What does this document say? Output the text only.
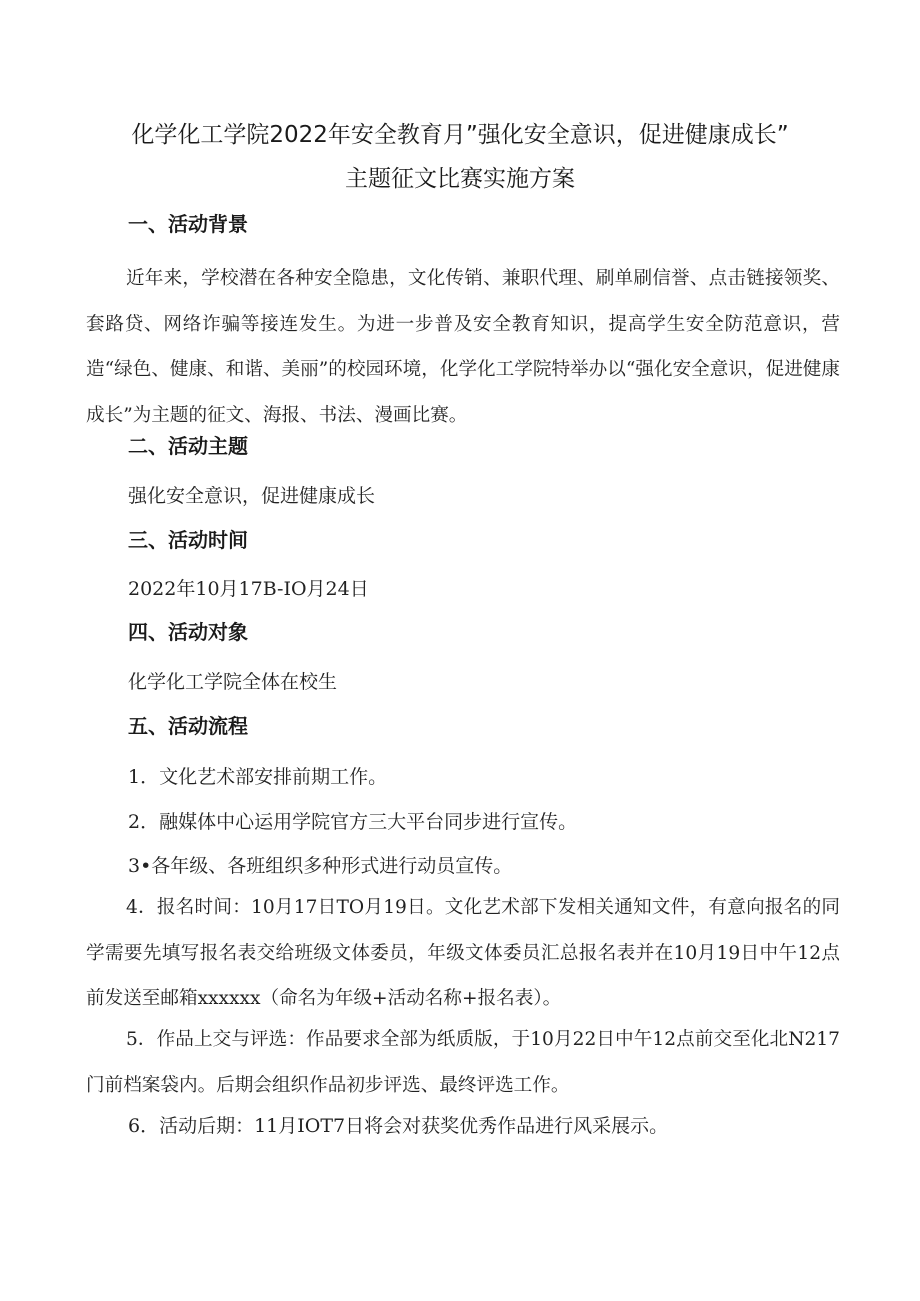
化学化工学院2022年安全教育月”强化安全意识，促进健康成长”
主题征文比赛实施方案
一、活动背景
近年来，学校潜在各种安全隐患，文化传销、兼职代理、刷单刷信誉、点击链接领奖、套路贷、网络诈骗等接连发生。为进一步普及安全教育知识，提高学生安全防范意识，营造“绿色、健康、和谐、美丽”的校园环境，化学化工学院特举办以“强化安全意识，促进健康成长”为主题的征文、海报、书法、漫画比赛。
二、活动主题
强化安全意识，促进健康成长
三、活动时间
2022年10月17B-IO月24日
四、活动对象
化学化工学院全体在校生
五、活动流程
1．文化艺术部安排前期工作。
2．融媒体中心运用学院官方三大平台同步进行宣传。
3•各年级、各班组织多种形式进行动员宣传。
4．报名时间：10月17日TO月19日。文化艺术部下发相关通知文件，有意向报名的同学需要先填写报名表交给班级文体委员，年级文体委员汇总报名表并在10月19日中午12点前发送至邮箱xxxxxx（命名为年级+活动名称+报名表）。
5．作品上交与评选：作品要求全部为纸质版，于10月22日中午12点前交至化北N217门前档案袋内。后期会组织作品初步评选、最终评选工作。
6．活动后期：11月IOT7日将会对获奖优秀作品进行风采展示。
